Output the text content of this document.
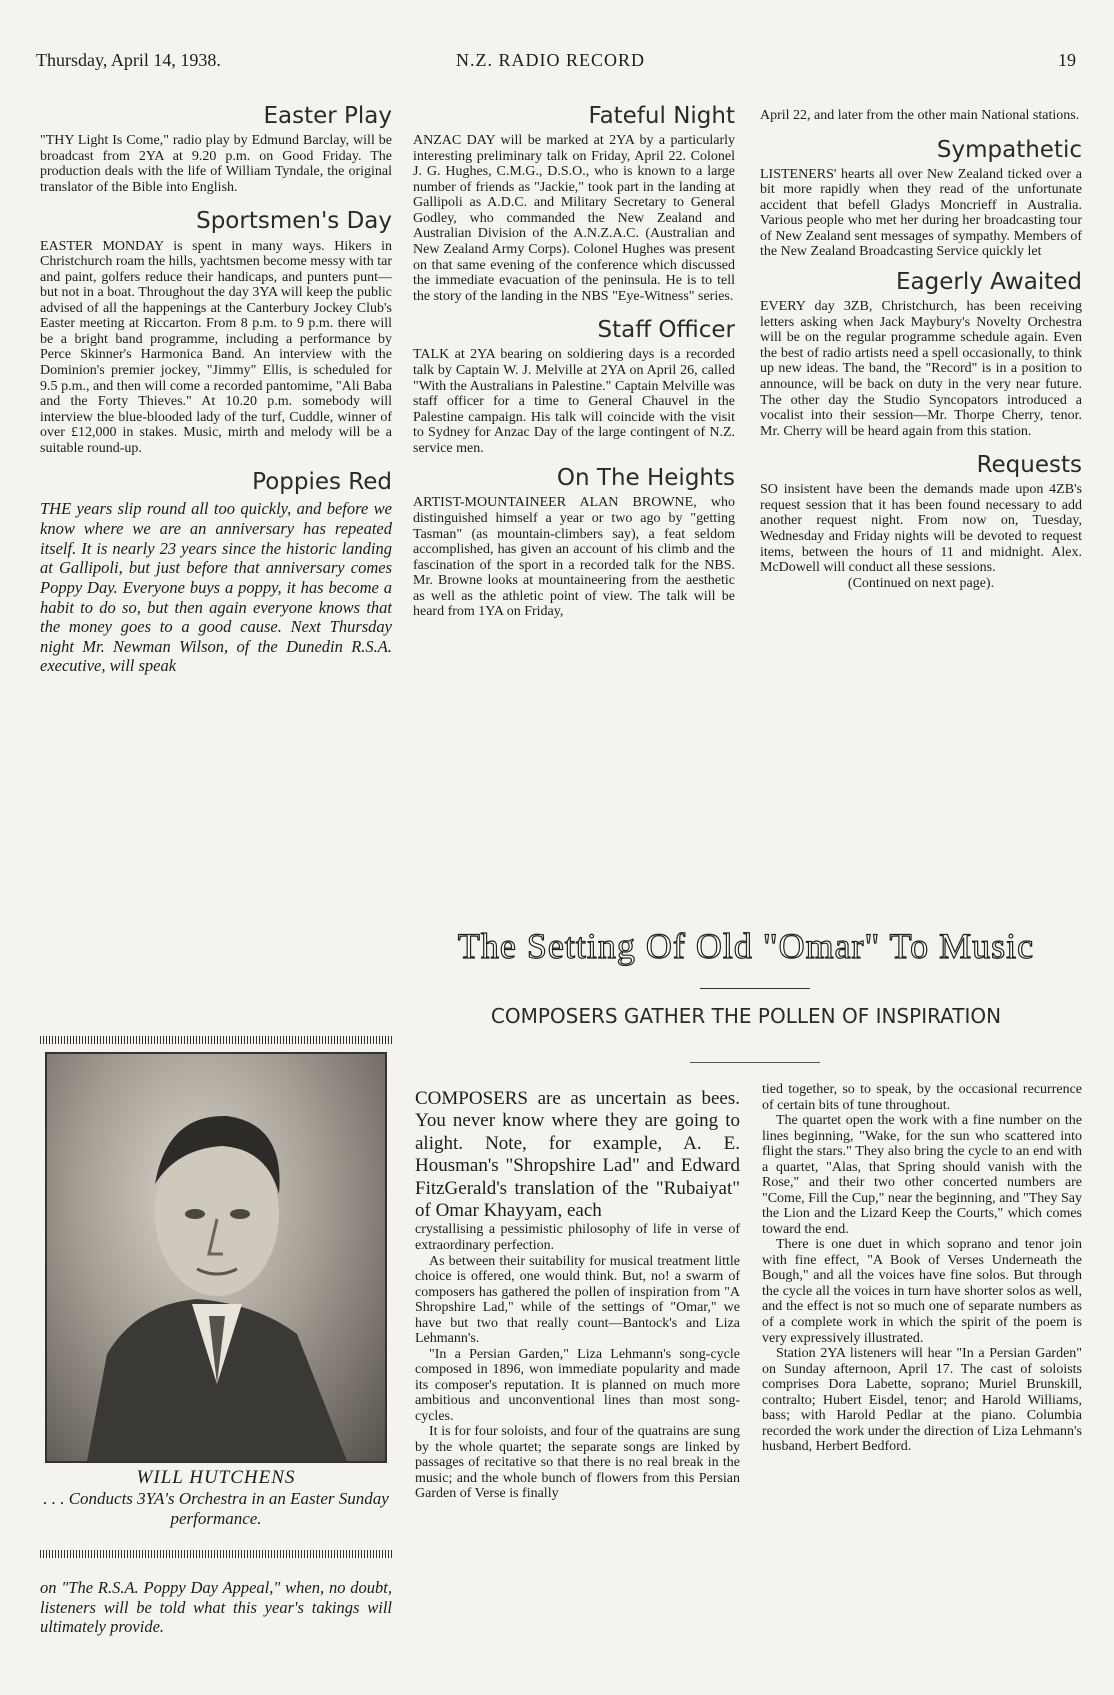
Thursday, April 14, 1938.	N.Z. RADIO RECORD	19
Easter Play

"THY Light Is Come," radio play by Edmund Barclay, will be broadcast from 2YA at 9.20 p.m. on Good Friday. The production deals with the life of William Tyndale, the original translator of the Bible into English.

Sportsmen's Day

EASTER MONDAY is spent in many ways. Hikers in Christchurch roam the hills, yachtsmen become messy with tar and paint, golfers reduce their handicaps, and punters punt—but not in a boat. Throughout the day 3YA will keep the public advised of all the happenings at the Canterbury Jockey Club's Easter meeting at Riccarton. From 8 p.m. to 9 p.m. there will be a bright band programme, including a performance by Perce Skinner's Harmonica Band. An interview with the Dominion's premier jockey, "Jimmy" Ellis, is scheduled for 9.5 p.m., and then will come a recorded pantomime, "Ali Baba and the Forty Thieves." At 10.20 p.m. somebody will interview the blue-blooded lady of the turf, Cuddle, winner of over £12,000 in stakes. Music, mirth and melody will be a suitable round-up.

Poppies Red

THE years slip round all too quickly, and before we know where we are an anniversary has repeated itself. It is nearly 23 years since the historic landing at Gallipoli, but just before that anniversary comes Poppy Day. Everyone buys a poppy, it has become a habit to do so, but then again everyone knows that the money goes to a good cause. Next Thursday night Mr. Newman Wilson, of the Dunedin R.S.A. executive, will speak

WILL HUTCHENS
. . . Conducts 3YA's Orchestra in an Easter Sunday performance.

on "The R.S.A. Poppy Day Appeal," when, no doubt, listeners will be told what this year's takings will ultimately provide.

Fateful Night

ANZAC DAY will be marked at 2YA by a particularly interesting preliminary talk on Friday, April 22. Colonel J. G. Hughes, C.M.G., D.S.O., who is known to a large number of friends as "Jackie," took part in the landing at Gallipoli as A.D.C. and Military Secretary to General Godley, who commanded the New Zealand and Australian Division of the A.N.Z.A.C. (Australian and New Zealand Army Corps). Colonel Hughes was present on that same evening of the conference which discussed the immediate evacuation of the peninsula. He is to tell the story of the landing in the NBS "Eye-Witness" series.

Staff Officer

TALK at 2YA bearing on soldiering days is a recorded talk by Captain W. J. Melville at 2YA on April 26, called "With the Australians in Palestine." Captain Melville was staff officer for a time to General Chauvel in the Palestine campaign. His talk will coincide with the visit to Sydney for Anzac Day of the large contingent of N.Z. service men.

On The Heights

ARTIST-MOUNTAINEER ALAN BROWNE, who distinguished himself a year or two ago by "getting Tasman" (as mountain-climbers say), a feat seldom accomplished, has given an account of his climb and the fascination of the sport in a recorded talk for the NBS. Mr. Browne looks at mountaineering from the aesthetic as well as the athletic point of view. The talk will be heard from 1YA on Friday,

April 22, and later from the other main National stations.

Sympathetic

LISTENERS' hearts all over New Zealand ticked over a bit more rapidly when they read of the unfortunate accident that befell Gladys Moncrieff in Australia. Various people who met her during her broadcasting tour of New Zealand sent messages of sympathy. Members of the New Zealand Broadcasting Service quickly let

Eagerly Awaited

EVERY day 3ZB, Christchurch, has been receiving letters asking when Jack Maybury's Novelty Orchestra will be on the regular programme schedule again. Even the best of radio artists need a spell occasionally, to think up new ideas. The band, the "Record" is in a position to announce, will be back on duty in the very near future. The other day the Studio Syncopators introduced a vocalist into their session—Mr. Thorpe Cherry, tenor. Mr. Cherry will be heard again from this station.

Requests

SO insistent have been the demands made upon 4ZB's request session that it has been found necessary to add another request night. From now on, Tuesday, Wednesday and Friday nights will be devoted to request items, between the hours of 11 and midnight. Alex. McDowell will conduct all these sessions.

(Continued on next page).

The Setting Of Old "Omar" To Music
COMPOSERS GATHER THE POLLEN OF INSPIRATION

COMPOSERS are as uncertain as bees. You never know where they are going to alight. Note, for example, A. E. Housman's "Shropshire Lad" and Edward FitzGerald's translation of the "Rubaiyat" of Omar Khayyam, each

crystallising a pessimistic philosophy of life in verse of extraordinary perfection.

As between their suitability for musical treatment little choice is offered, one would think. But, no! a swarm of composers has gathered the pollen of inspiration from "A Shropshire Lad," while of the settings of "Omar," we have but two that really count—Bantock's and Liza Lehmann's.

"In a Persian Garden," Liza Lehmann's song-cycle composed in 1896, won immediate popularity and made its composer's reputation. It is planned on much more ambitious and unconventional lines than most song-cycles.

It is for four soloists, and four of the quatrains are sung by the whole quartet; the separate songs are linked by passages of recitative so that there is no real break in the music; and the whole bunch of flowers from this Persian Garden of Verse is finally

tied together, so to speak, by the occasional recurrence of certain bits of tune throughout.

The quartet open the work with a fine number on the lines beginning, "Wake, for the sun who scattered into flight the stars." They also bring the cycle to an end with a quartet, "Alas, that Spring should vanish with the Rose," and their two other concerted numbers are "Come, Fill the Cup," near the beginning, and "They Say the Lion and the Lizard Keep the Courts," which comes toward the end.

There is one duet in which soprano and tenor join with fine effect, "A Book of Verses Underneath the Bough," and all the voices have fine solos. But through the cycle all the voices in turn have shorter solos as well, and the effect is not so much one of separate numbers as of a complete work in which the spirit of the poem is very expressively illustrated.

Station 2YA listeners will hear "In a Persian Garden" on Sunday afternoon, April 17. The cast of soloists comprises Dora Labette, soprano; Muriel Brunskill, contralto; Hubert Eisdel, tenor; and Harold Williams, bass; with Harold Pedlar at the piano. Columbia recorded the work under the direction of Liza Lehmann's husband, Herbert Bedford.
